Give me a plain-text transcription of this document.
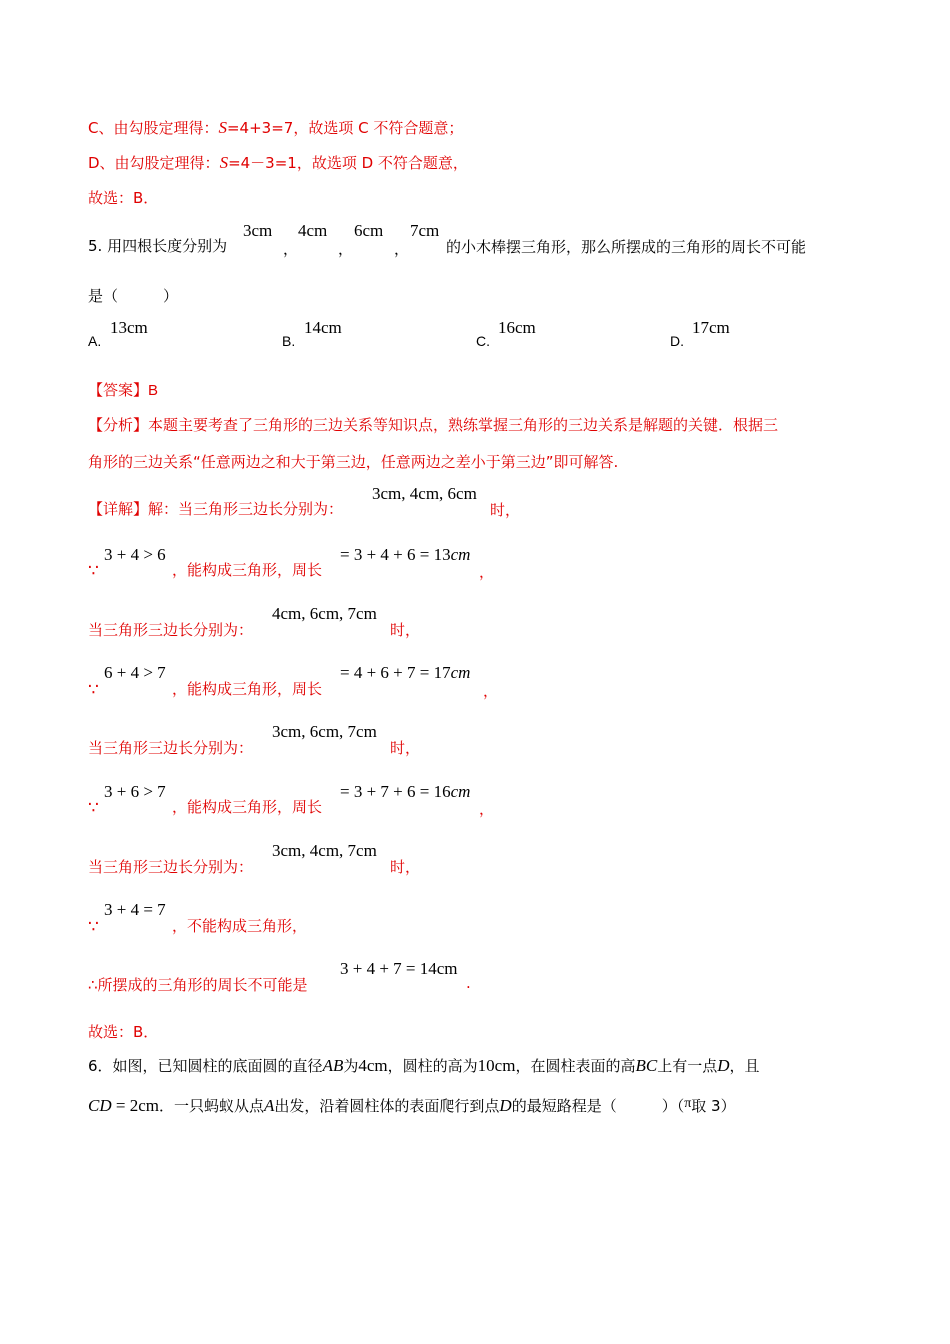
C、由勾股定理得：S=4+3=7，故选项 C 不符合题意；
D、由勾股定理得：S=4－3=1，故选项 D 不符合题意，
故选：B．
5. 用四根长度分别为
3cm
，
4cm
，
6cm
，
7cm
的小木棒摆三角形，那么所摆成的三角形的周长不可能
是（　　　）
A.
13cm
B.
14cm
C.
16cm
D.
17cm
【答案】B
【分析】本题主要考查了三角形的三边关系等知识点，熟练掌握三角形的三边关系是解题的关键．根据三
角形的三边关系“任意两边之和大于第三边，任意两边之差小于第三边”即可解答.
【详解】解：当三角形三边长分别为：
3cm, 4cm, 6cm
时，
∵
3 + 4 > 6
，能构成三角形，周长
= 3 + 4 + 6 = 13cm
，
当三角形三边长分别为：
4cm, 6cm, 7cm
时，
∵
6 + 4 > 7
，能构成三角形，周长
= 4 + 6 + 7 = 17cm
，
当三角形三边长分别为：
3cm, 6cm, 7cm
时，
∵
3 + 6 > 7
，能构成三角形，周长
= 3 + 7 + 6 = 16cm
，
当三角形三边长分别为：
3cm, 4cm, 7cm
时，
∵
3 + 4 = 7
，不能构成三角形，
∴所摆成的三角形的周长不可能是
3 + 4 + 7 = 14cm
.
故选：B．
6．如图，已知圆柱的底面圆的直径AB为4cm，圆柱的高为10cm，在圆柱表面的高BC上有一点D，且
CD = 2cm．一只蚂蚁从点A出发，沿着圆柱体的表面爬行到点D的最短路程是（　　　）（π取 3）
